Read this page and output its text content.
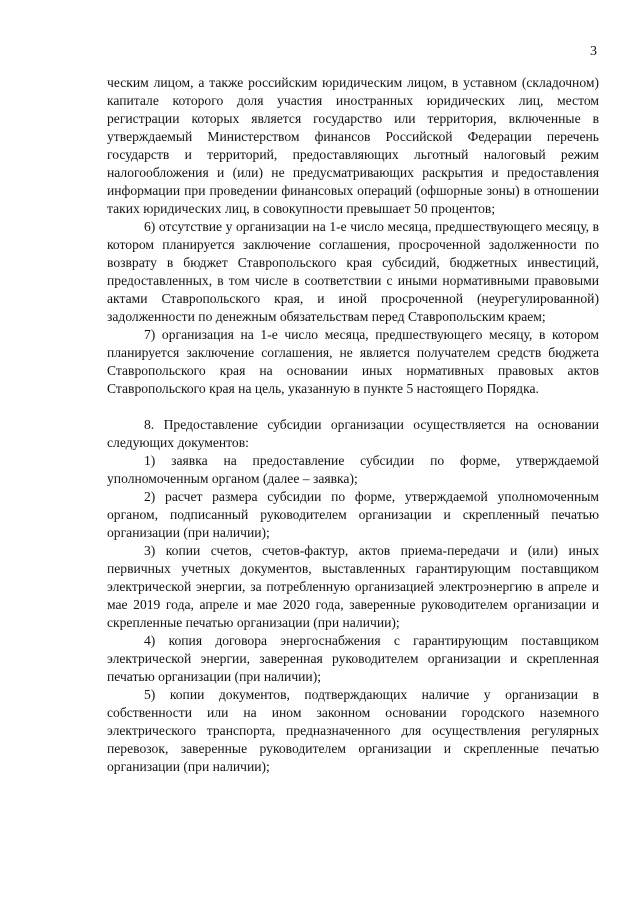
3

ческим лицом, а также российским юридическим лицом, в уставном (складочном) капитале которого доля участия иностранных юридических лиц, местом регистрации которых является государство или территория, включенные в утверждаемый Министерством финансов Российской Федерации перечень государств и территорий, предоставляющих льготный налоговый режим налогообложения и (или) не предусматривающих раскрытия и предоставления информации при проведении финансовых операций (офшорные зоны) в отношении таких юридических лиц, в совокупности превышает 50 процентов;

6) отсутствие у организации на 1-е число месяца, предшествующего месяцу, в котором планируется заключение соглашения, просроченной задолженности по возврату в бюджет Ставропольского края субсидий, бюджетных инвестиций, предоставленных, в том числе в соответствии с иными нормативными правовыми актами Ставропольского края, и иной просроченной (неурегулированной) задолженности по денежным обязательствам перед Ставропольским краем;

7) организация на 1-е число месяца, предшествующего месяцу, в котором планируется заключение соглашения, не является получателем средств бюджета Ставропольского края на основании иных нормативных правовых актов Ставропольского края на цель, указанную в пункте 5 настоящего Порядка.

8. Предоставление субсидии организации осуществляется на основании следующих документов:

1) заявка на предоставление субсидии по форме, утверждаемой уполномоченным органом (далее – заявка);

2) расчет размера субсидии по форме, утверждаемой уполномоченным органом, подписанный руководителем организации и скрепленный печатью организации (при наличии);

3) копии счетов, счетов-фактур, актов приема-передачи и (или) иных первичных учетных документов, выставленных гарантирующим поставщиком электрической энергии, за потребленную организацией электроэнергию в апреле и мае 2019 года, апреле и мае 2020 года, заверенные руководителем организации и скрепленные печатью организации (при наличии);

4) копия договора энергоснабжения с гарантирующим поставщиком электрической энергии, заверенная руководителем организации и скрепленная печатью организации (при наличии);

5) копии документов, подтверждающих наличие у организации в собственности или на ином законном основании городского наземного электрического транспорта, предназначенного для осуществления регулярных перевозок, заверенные руководителем организации и скрепленные печатью организации (при наличии);
